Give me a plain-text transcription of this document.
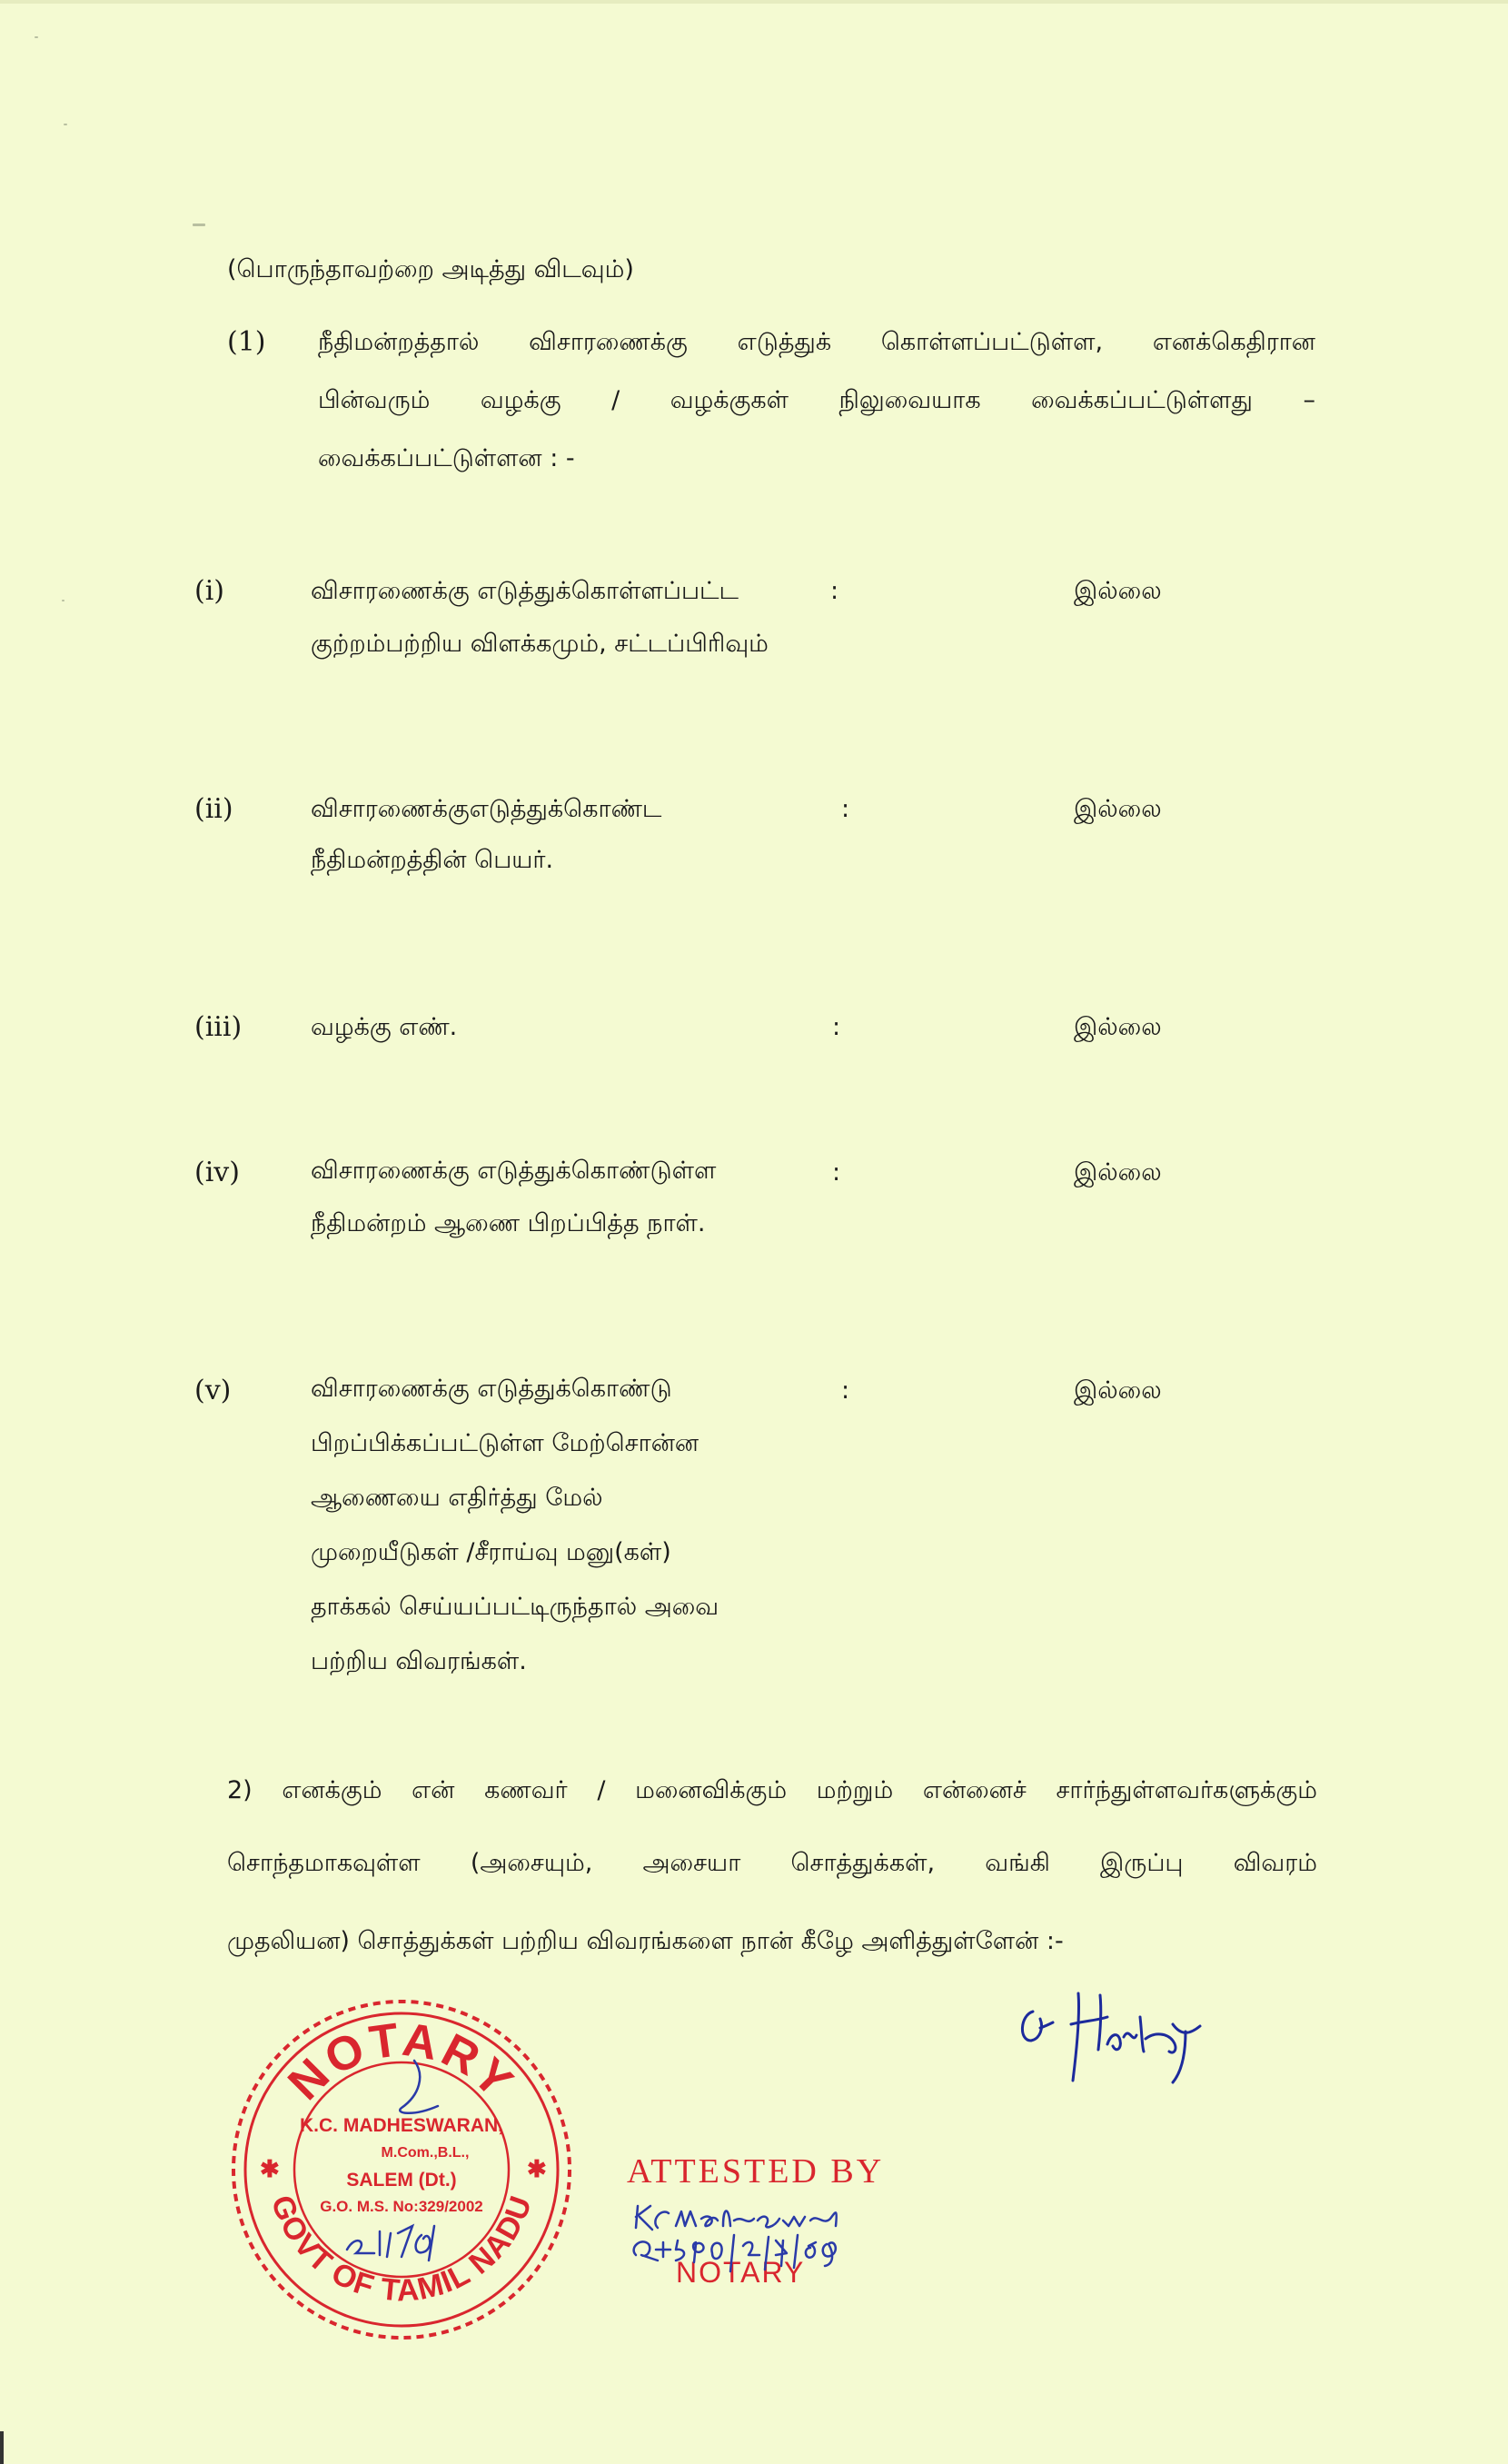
(பொருந்தாவற்றை அடித்து விடவும்)
(1) நீதிமன்றத்தால் விசாரணைக்கு எடுத்துக் கொள்ளப்பட்டுள்ள, எனக்கெதிரான
பின்வரும் வழக்கு / வழக்குகள் நிலுவையாக வைக்கப்பட்டுள்ளது –
வைக்கப்பட்டுள்ளன : -
(i)	விசாரணைக்கு எடுத்துக்கொள்ளப்பட்ட
குற்றம்பற்றிய விளக்கமும், சட்டப்பிரிவும்
:	இல்லை
(ii)	விசாரணைக்குஎடுத்துக்கொண்ட
நீதிமன்றத்தின் பெயர்.
:	இல்லை
(iii)	வழக்கு எண்.	:	இல்லை
(iv)	விசாரணைக்கு எடுத்துக்கொண்டுள்ள
நீதிமன்றம் ஆணை பிறப்பித்த நாள்.
:	இல்லை
(v)	விசாரணைக்கு எடுத்துக்கொண்டு
பிறப்பிக்கப்பட்டுள்ள மேற்சொன்ன
ஆணையை எதிர்த்து மேல்
முறையீடுகள் /சீராய்வு மனு(கள்)
தாக்கல் செய்யப்பட்டிருந்தால் அவை
பற்றிய விவரங்கள்.
:	இல்லை
2) எனக்கும் என் கணவர் / மனைவிக்கும் மற்றும் என்னைச் சார்ந்துள்ளவர்களுக்கும்
சொந்தமாகவுள்ள (அசையும், அசையா சொத்துக்கள், வங்கி இருப்பு விவரம்
முதலியன) சொத்துக்கள் பற்றிய விவரங்களை நான் கீழே அளித்துள்ளேன் :-
NOTARY
GOVT OF TAMIL NADU
✱	✱
K.C. MADHESWARAN,
M.Com.,B.L.,
SALEM (Dt.)
G.O. M.S. No:329/2002
ATTESTED BY
NOTARY
